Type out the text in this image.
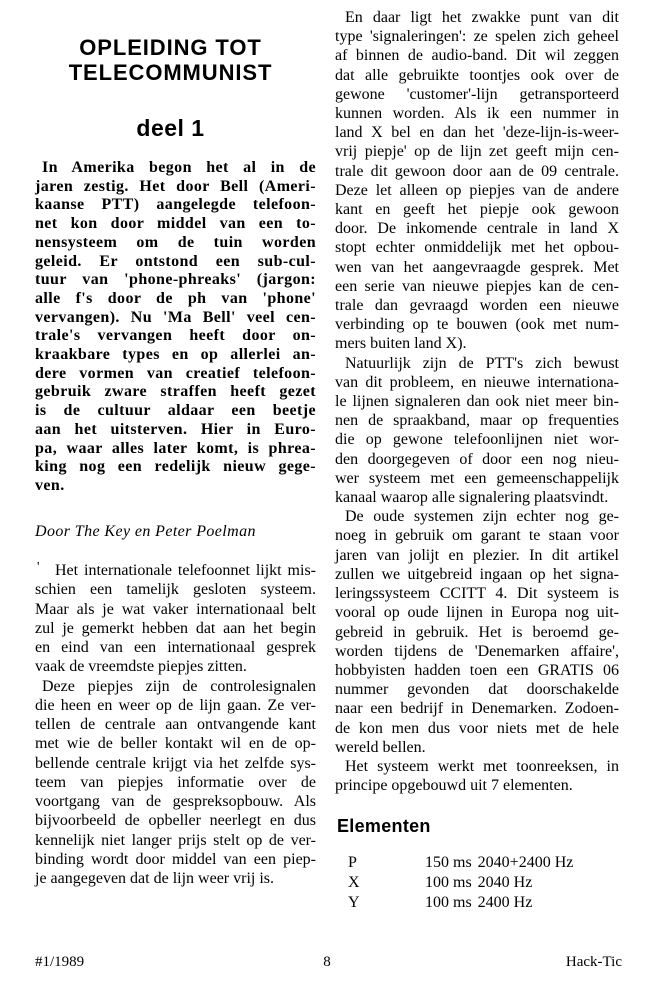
OPLEIDING TOT
TELECOMMUNIST
deel 1
In Amerika begon het al in de
jaren zestig. Het door Bell (Ameri-
kaanse PTT) aangelegde telefoon-
net kon door middel van een to-
nensysteem om de tuin worden
geleid. Er ontstond een sub-cul-
tuur van 'phone-phreaks' (jargon:
alle f's door de ph van 'phone'
vervangen). Nu 'Ma Bell' veel cen-
trale's vervangen heeft door on-
kraakbare types en op allerlei an-
dere vormen van creatief telefoon-
gebruik zware straffen heeft gezet
is de cultuur aldaar een beetje
aan het uitsterven. Hier in Euro-
pa, waar alles later komt, is phrea-
king nog een redelijk nieuw gege-
ven.
Door The Key en Peter Poelman
' Het internationale telefoonnet lijkt mis-
schien een tamelijk gesloten systeem.
Maar als je wat vaker internationaal belt
zul je gemerkt hebben dat aan het begin
en eind van een internationaal gesprek
vaak de vreemdste piepjes zitten.
Deze piepjes zijn de controlesignalen
die heen en weer op de lijn gaan. Ze ver-
tellen de centrale aan ontvangende kant
met wie de beller kontakt wil en de op-
bellende centrale krijgt via het zelfde sys-
teem van piepjes informatie over de
voortgang van de gespreksopbouw. Als
bijvoorbeeld de opbeller neerlegt en dus
kennelijk niet langer prijs stelt op de ver-
binding wordt door middel van een piep-
je aangegeven dat de lijn weer vrij is.
En daar ligt het zwakke punt van dit
type 'signaleringen': ze spelen zich geheel
af binnen de audio-band. Dit wil zeggen
dat alle gebruikte toontjes ook over de
gewone 'customer'-lijn getransporteerd
kunnen worden. Als ik een nummer in
land X bel en dan het 'deze-lijn-is-weer-
vrij piepje' op de lijn zet geeft mijn cen-
trale dit gewoon door aan de 09 centrale.
Deze let alleen op piepjes van de andere
kant en geeft het piepje ook gewoon
door. De inkomende centrale in land X
stopt echter onmiddelijk met het opbou-
wen van het aangevraagde gesprek. Met
een serie van nieuwe piepjes kan de cen-
trale dan gevraagd worden een nieuwe
verbinding op te bouwen (ook met num-
mers buiten land X).
Natuurlijk zijn de PTT's zich bewust
van dit probleem, en nieuwe internationa-
le lijnen signaleren dan ook niet meer bin-
nen de spraakband, maar op frequenties
die op gewone telefoonlijnen niet wor-
den doorgegeven of door een nog nieu-
wer systeem met een gemeenschappelijk
kanaal waarop alle signalering plaatsvindt.
De oude systemen zijn echter nog ge-
noeg in gebruik om garant te staan voor
jaren van jolijt en plezier. In dit artikel
zullen we uitgebreid ingaan op het signa-
leringssysteem CCITT 4. Dit systeem is
vooral op oude lijnen in Europa nog uit-
gebreid in gebruik. Het is beroemd ge-
worden tijdens de 'Denemarken affaire',
hobbyisten hadden toen een GRATIS 06
nummer gevonden dat doorschakelde
naar een bedrijf in Denemarken. Zodoen-
de kon men dus voor niets met de hele
wereld bellen.
Het systeem werkt met toonreeksen, in
principe opgebouwd uit 7 elementen.
Elementen
P	150 ms 2040+2400 Hz
X	100 ms 2040 Hz
Y	100 ms 2400 Hz
#1/1989	8	Hack-Tic
